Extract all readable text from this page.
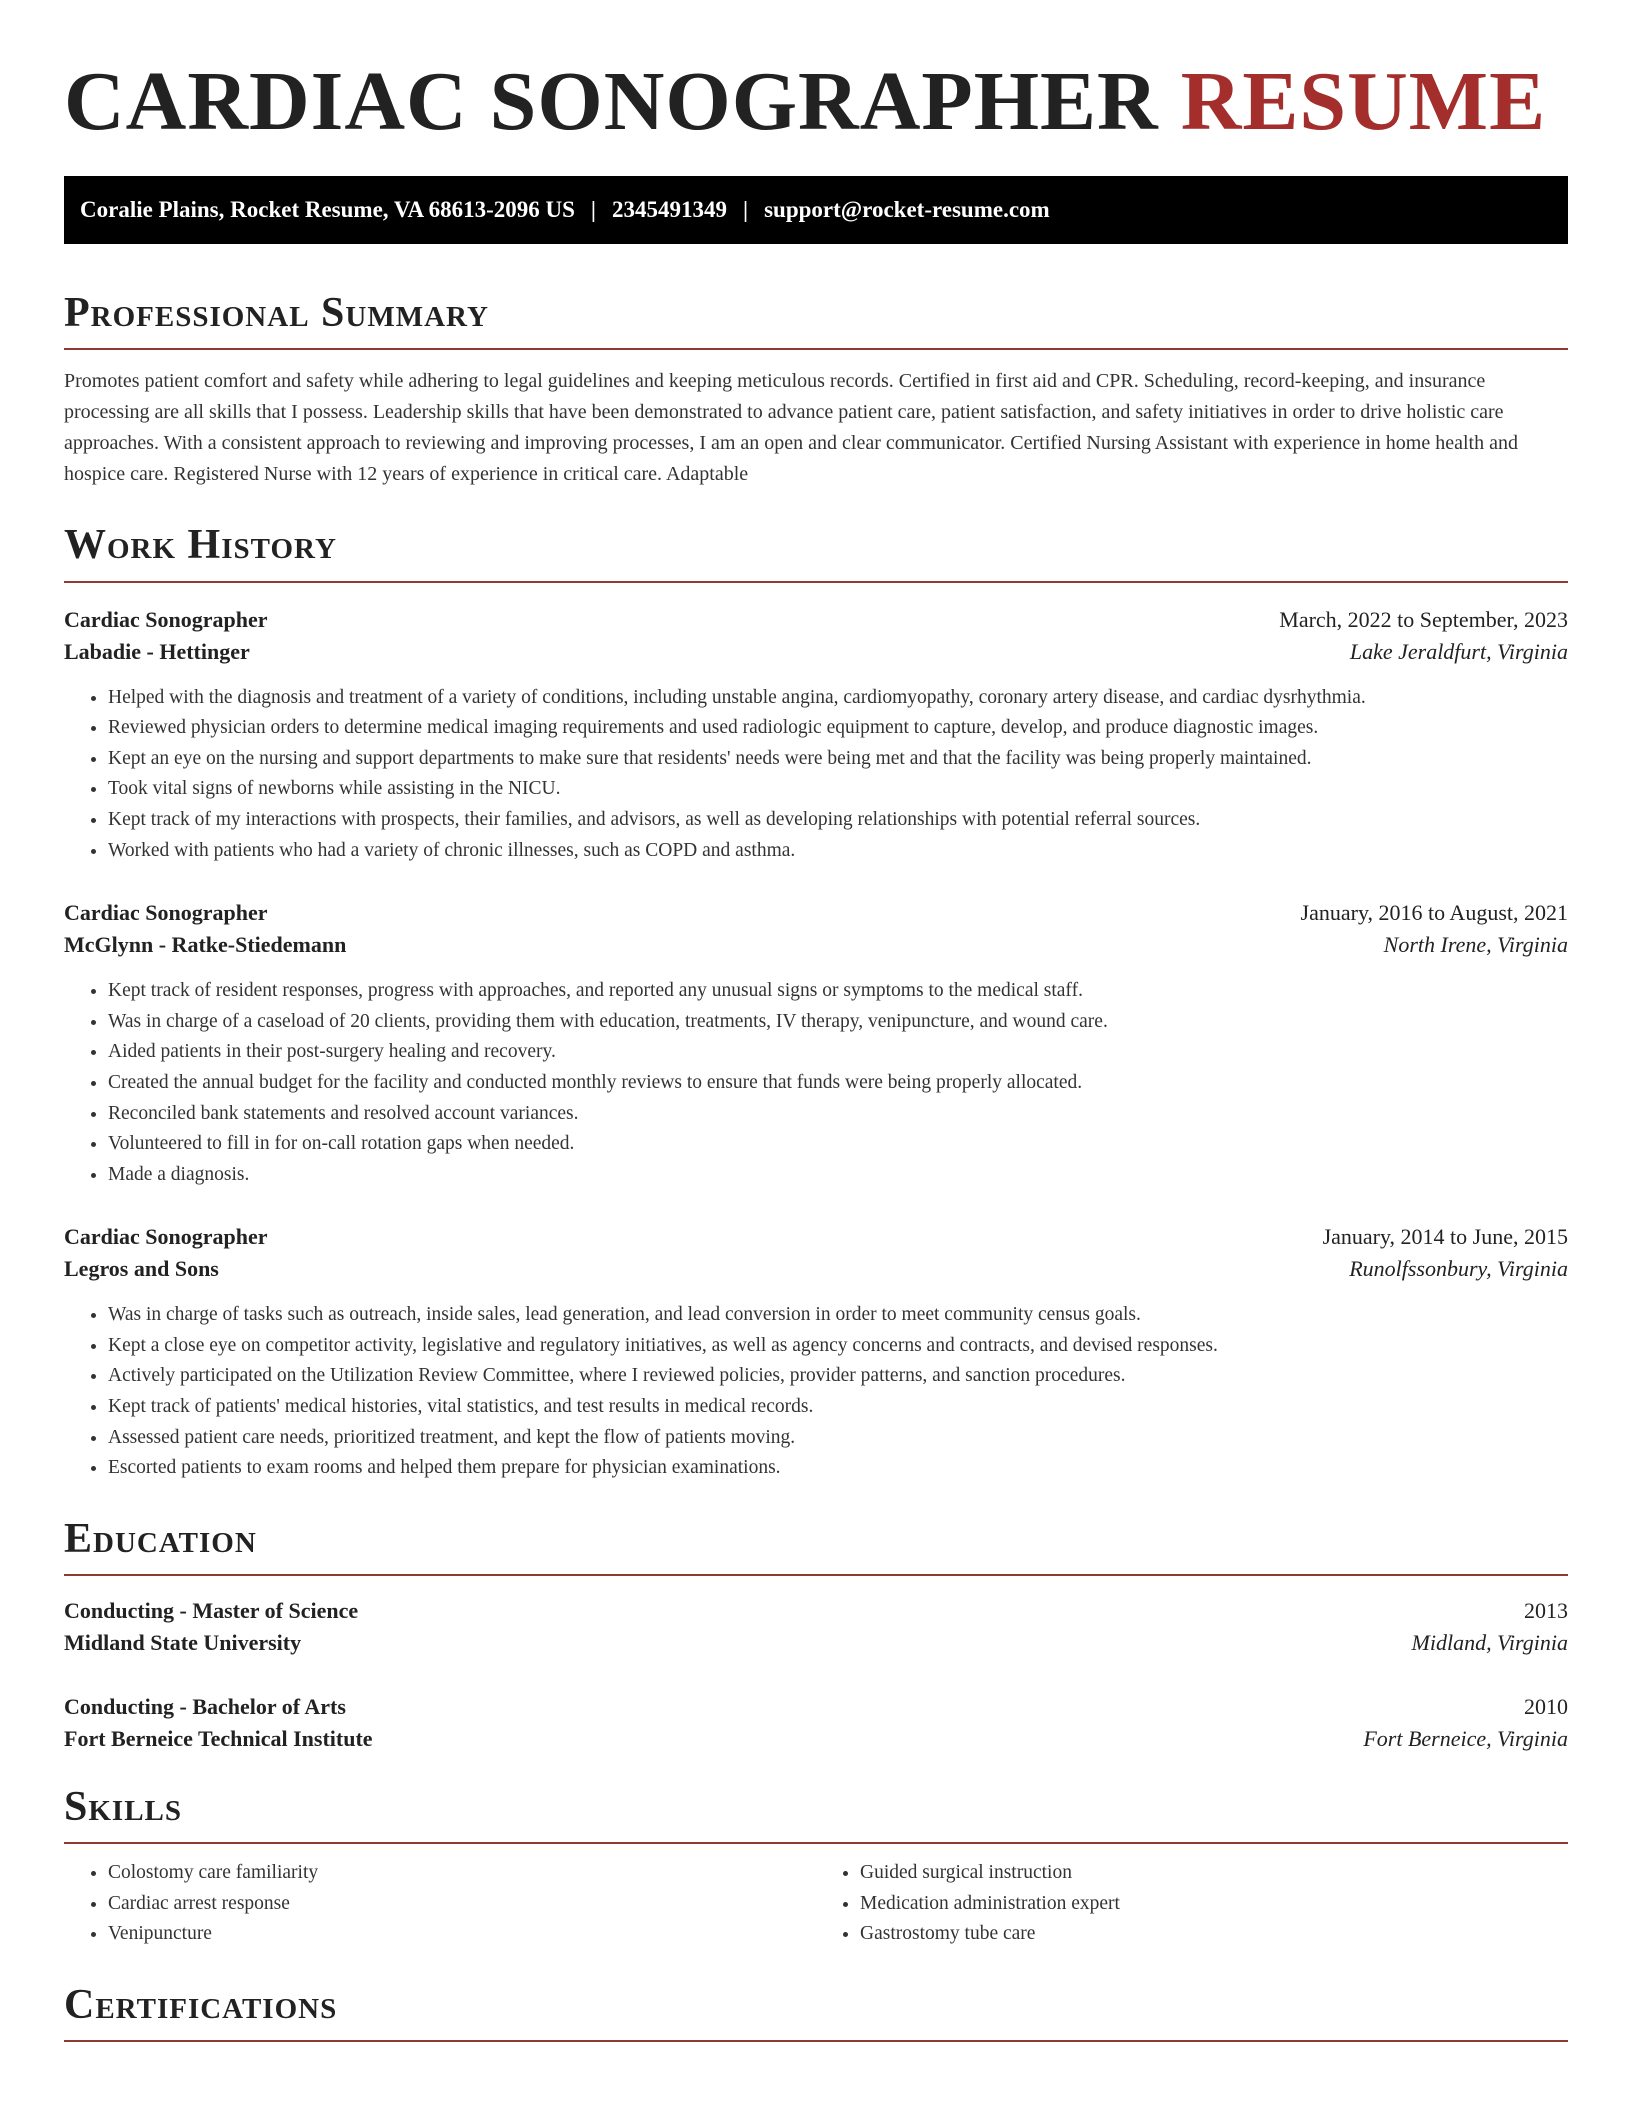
CARDIAC SONOGRAPHER RESUME
Coralie Plains, Rocket Resume, VA 68613-2096 US | 2345491349 | support@rocket-resume.com
Professional Summary

Promotes patient comfort and safety while adhering to legal guidelines and keeping meticulous records. Certified in first aid and CPR. Scheduling, record-keeping, and insurance processing are all skills that I possess. Leadership skills that have been demonstrated to advance patient care, patient satisfaction, and safety initiatives in order to drive holistic care approaches. With a consistent approach to reviewing and improving processes, I am an open and clear communicator. Certified Nursing Assistant with experience in home health and hospice care. Registered Nurse with 12 years of experience in critical care. Adaptable

Work History
Cardiac Sonographer	March, 2022 to September, 2023
Labadie - Hettinger	Lake Jeraldfurt, Virginia
• Helped with the diagnosis and treatment of a variety of conditions, including unstable angina, cardiomyopathy, coronary artery disease, and cardiac dysrhythmia.
• Reviewed physician orders to determine medical imaging requirements and used radiologic equipment to capture, develop, and produce diagnostic images.
• Kept an eye on the nursing and support departments to make sure that residents' needs were being met and that the facility was being properly maintained.
• Took vital signs of newborns while assisting in the NICU.
• Kept track of my interactions with prospects, their families, and advisors, as well as developing relationships with potential referral sources.
• Worked with patients who had a variety of chronic illnesses, such as COPD and asthma.
Cardiac Sonographer	January, 2016 to August, 2021
McGlynn - Ratke-Stiedemann	North Irene, Virginia
• Kept track of resident responses, progress with approaches, and reported any unusual signs or symptoms to the medical staff.
• Was in charge of a caseload of 20 clients, providing them with education, treatments, IV therapy, venipuncture, and wound care.
• Aided patients in their post-surgery healing and recovery.
• Created the annual budget for the facility and conducted monthly reviews to ensure that funds were being properly allocated.
• Reconciled bank statements and resolved account variances.
• Volunteered to fill in for on-call rotation gaps when needed.
• Made a diagnosis.
Cardiac Sonographer	January, 2014 to June, 2015
Legros and Sons	Runolfssonbury, Virginia
• Was in charge of tasks such as outreach, inside sales, lead generation, and lead conversion in order to meet community census goals.
• Kept a close eye on competitor activity, legislative and regulatory initiatives, as well as agency concerns and contracts, and devised responses.
• Actively participated on the Utilization Review Committee, where I reviewed policies, provider patterns, and sanction procedures.
• Kept track of patients' medical histories, vital statistics, and test results in medical records.
• Assessed patient care needs, prioritized treatment, and kept the flow of patients moving.
• Escorted patients to exam rooms and helped them prepare for physician examinations.
Education
Conducting - Master of Science	2013
Midland State University	Midland, Virginia
Conducting - Bachelor of Arts	2010
Fort Berneice Technical Institute	Fort Berneice, Virginia
Skills
• Colostomy care familiarity
• Cardiac arrest response
• Venipuncture
• Guided surgical instruction
• Medication administration expert
• Gastrostomy tube care
Certifications
